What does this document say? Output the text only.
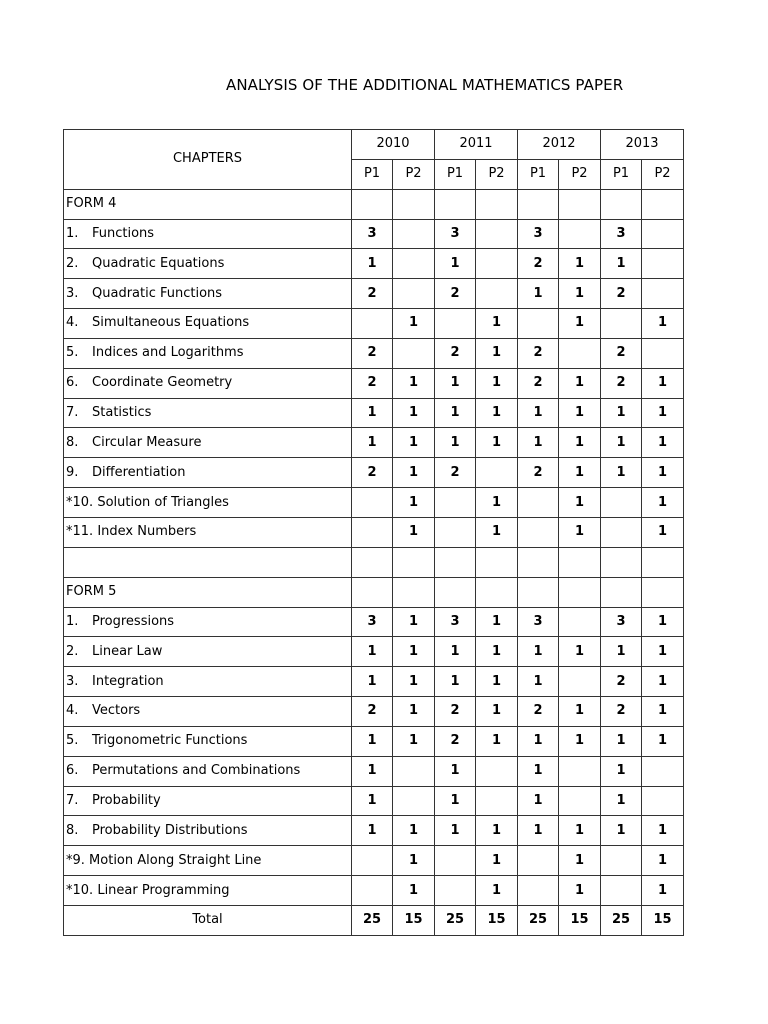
ANALYSIS OF THE ADDITIONAL MATHEMATICS PAPER
CHAPTERS	2010		2011		2012		2013	
	P1	P2	P1	P2	P1	P2	P1	P2
FORM 4								
1. Functions	3		3		3		3	
2. Quadratic Equations	1		1		2	1	1	
3. Quadratic Functions	2		2		1	1	2	
4. Simultaneous Equations		1		1		1		1
5. Indices and Logarithms	2		2	1	2		2	
6. Coordinate Geometry	2	1	1	1	2	1	2	1
7. Statistics	1	1	1	1	1	1	1	1
8. Circular Measure	1	1	1	1	1	1	1	1
9. Differentiation	2	1	2		2	1	1	1
*10. Solution of Triangles		1		1		1		1
*11. Index Numbers		1		1		1		1

FORM 5								
1. Progressions	3	1	3	1	3		3	1
2. Linear Law	1	1	1	1	1	1	1	1
3. Integration	1	1	1	1	1		2	1
4. Vectors	2	1	2	1	2	1	2	1
5. Trigonometric Functions	1	1	2	1	1	1	1	1
6. Permutations and Combinations	1		1		1		1	
7. Probability	1		1		1		1	
8. Probability Distributions	1	1	1	1	1	1	1	1
*9. Motion Along Straight Line		1		1		1		1
*10. Linear Programming		1		1		1		1
Total	25	15	25	15	25	15	25	15
